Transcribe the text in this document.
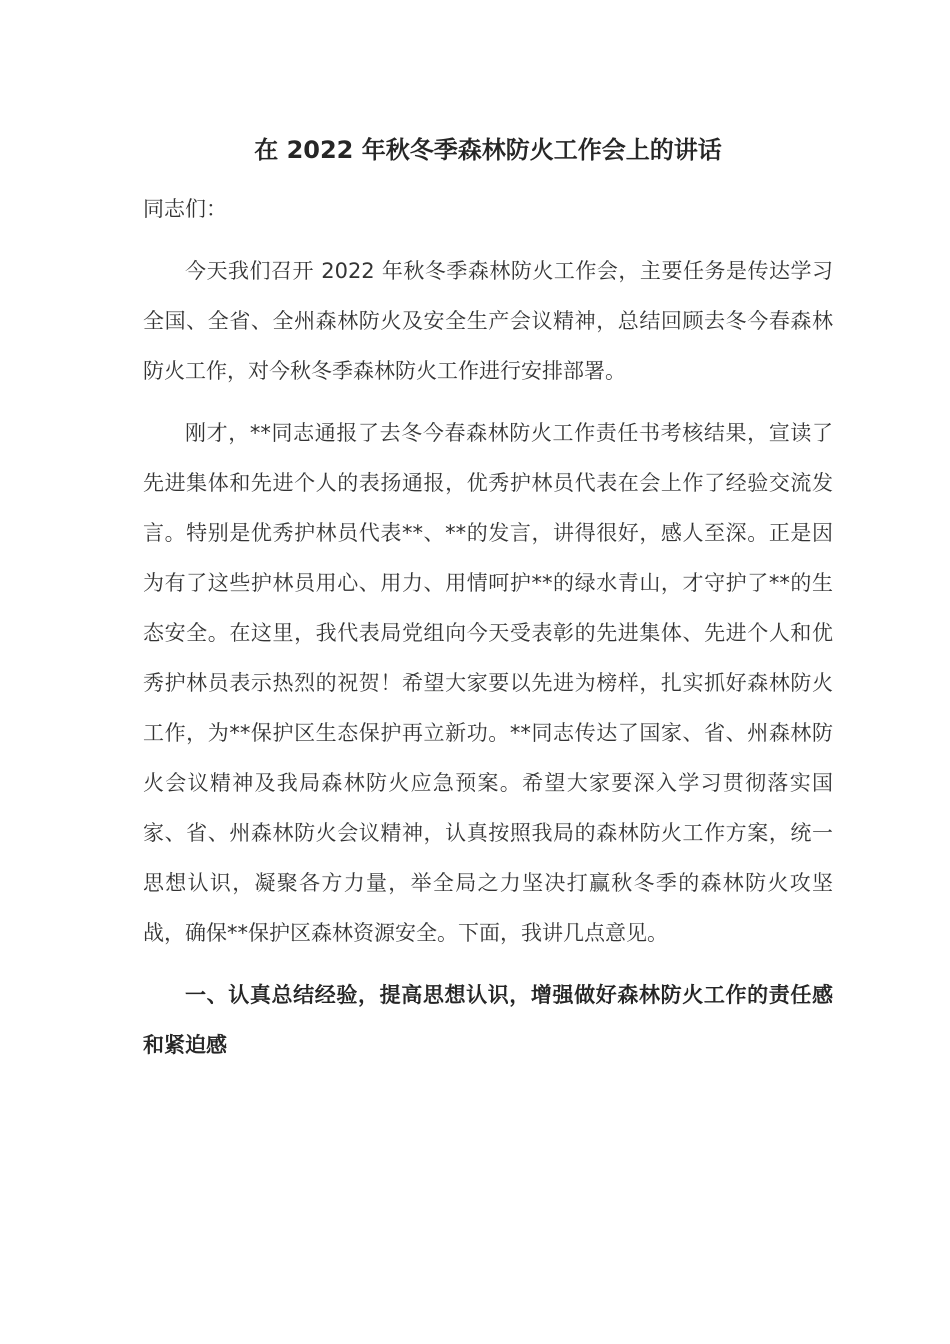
在 2022 年秋冬季森林防火工作会上的讲话
同志们：

今天我们召开 2022 年秋冬季森林防火工作会，主要任务是传达学习全国、全省、全州森林防火及安全生产会议精神，总结回顾去冬今春森林防火工作，对今秋冬季森林防火工作进行安排部署。

刚才，**同志通报了去冬今春森林防火工作责任书考核结果，宣读了先进集体和先进个人的表扬通报，优秀护林员代表在会上作了经验交流发言。特别是优秀护林员代表**、**的发言，讲得很好，感人至深。正是因为有了这些护林员用心、用力、用情呵护**的绿水青山，才守护了**的生态安全。在这里，我代表局党组向今天受表彰的先进集体、先进个人和优秀护林员表示热烈的祝贺！希望大家要以先进为榜样，扎实抓好森林防火工作，为**保护区生态保护再立新功。**同志传达了国家、省、州森林防火会议精神及我局森林防火应急预案。希望大家要深入学习贯彻落实国家、省、州森林防火会议精神，认真按照我局的森林防火工作方案，统一思想认识，凝聚各方力量，举全局之力坚决打赢秋冬季的森林防火攻坚战，确保**保护区森林资源安全。下面，我讲几点意见。

一、认真总结经验，提高思想认识，增强做好森林防火工作的责任感和紧迫感
